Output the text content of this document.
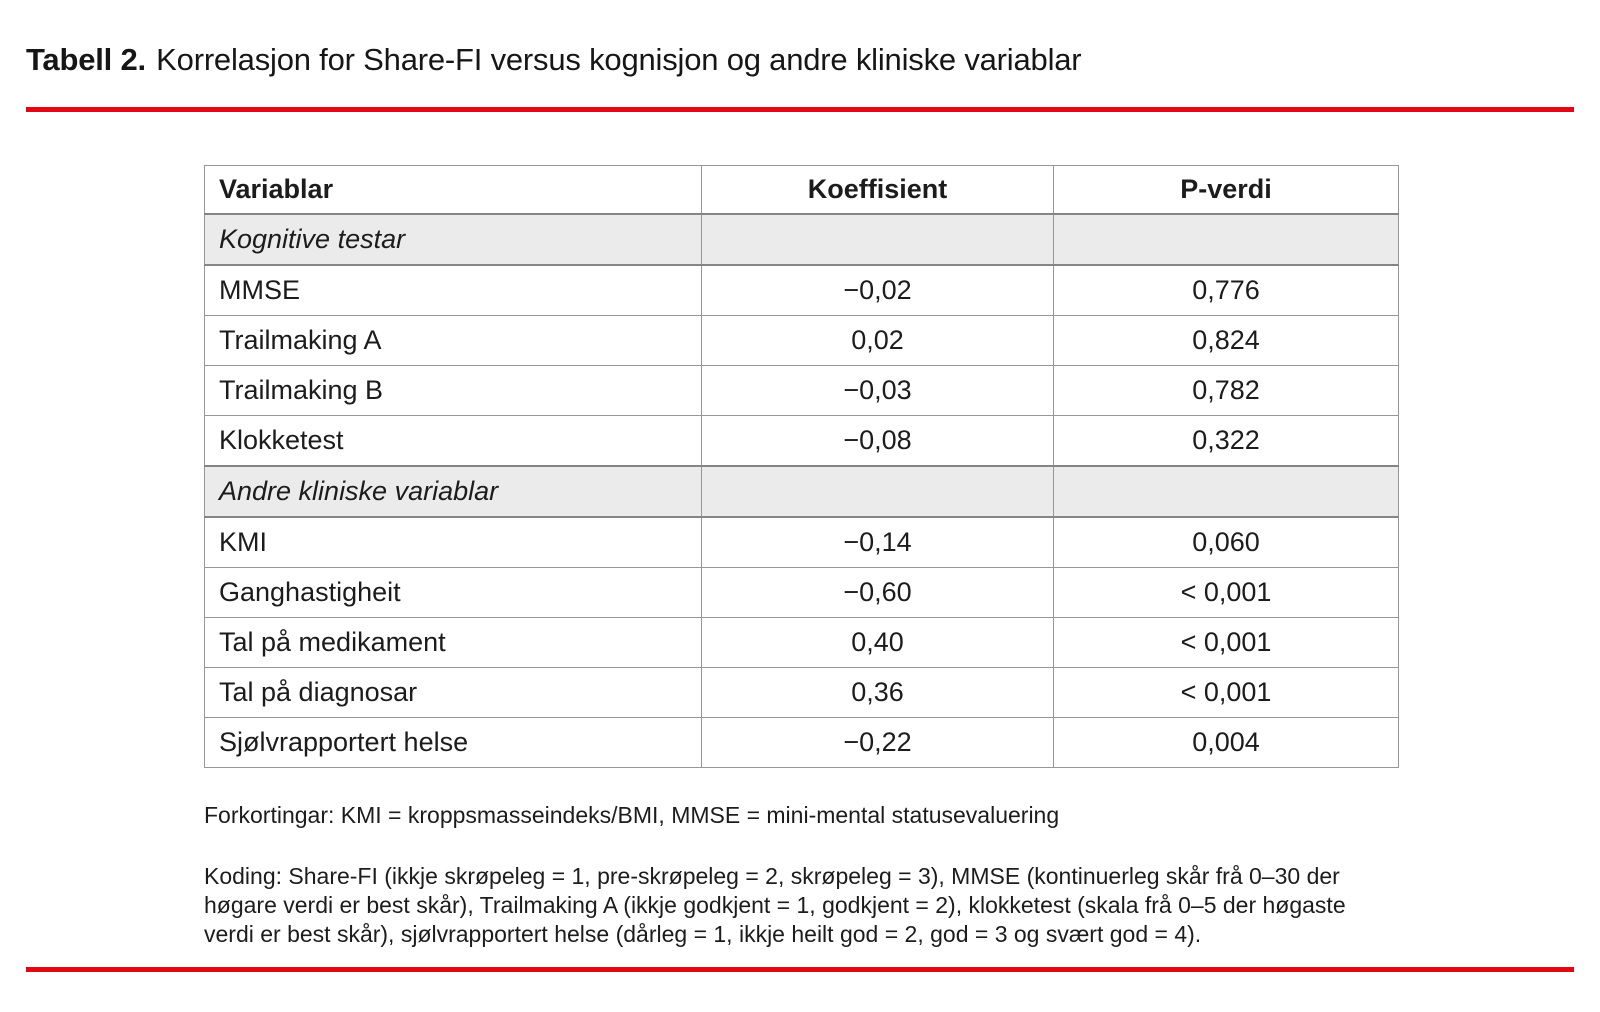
Tabell 2. Korrelasjon for Share-FI versus kognisjon og andre kliniske variablar
Variablar	Koeffisient	P-verdi
Kognitive testar		
MMSE	−0,02	0,776
Trailmaking A	0,02	0,824
Trailmaking B	−0,03	0,782
Klokketest	−0,08	0,322
Andre kliniske variablar		
KMI	−0,14	0,060
Ganghastigheit	−0,60	< 0,001
Tal på medikament	0,40	< 0,001
Tal på diagnosar	0,36	< 0,001
Sjølvrapportert helse	−0,22	0,004

Forkortingar: KMI = kroppsmasseindeks/BMI, MMSE = mini-mental statusevaluering

Koding: Share-FI (ikkje skrøpeleg = 1, pre-skrøpeleg = 2, skrøpeleg = 3), MMSE (kontinuerleg skår frå 0–30 der høgare verdi er best skår), Trailmaking A (ikkje godkjent = 1, godkjent = 2), klokketest (skala frå 0–5 der høgaste verdi er best skår), sjølvrapportert helse (dårleg = 1, ikkje heilt god = 2, god = 3 og svært god = 4).
